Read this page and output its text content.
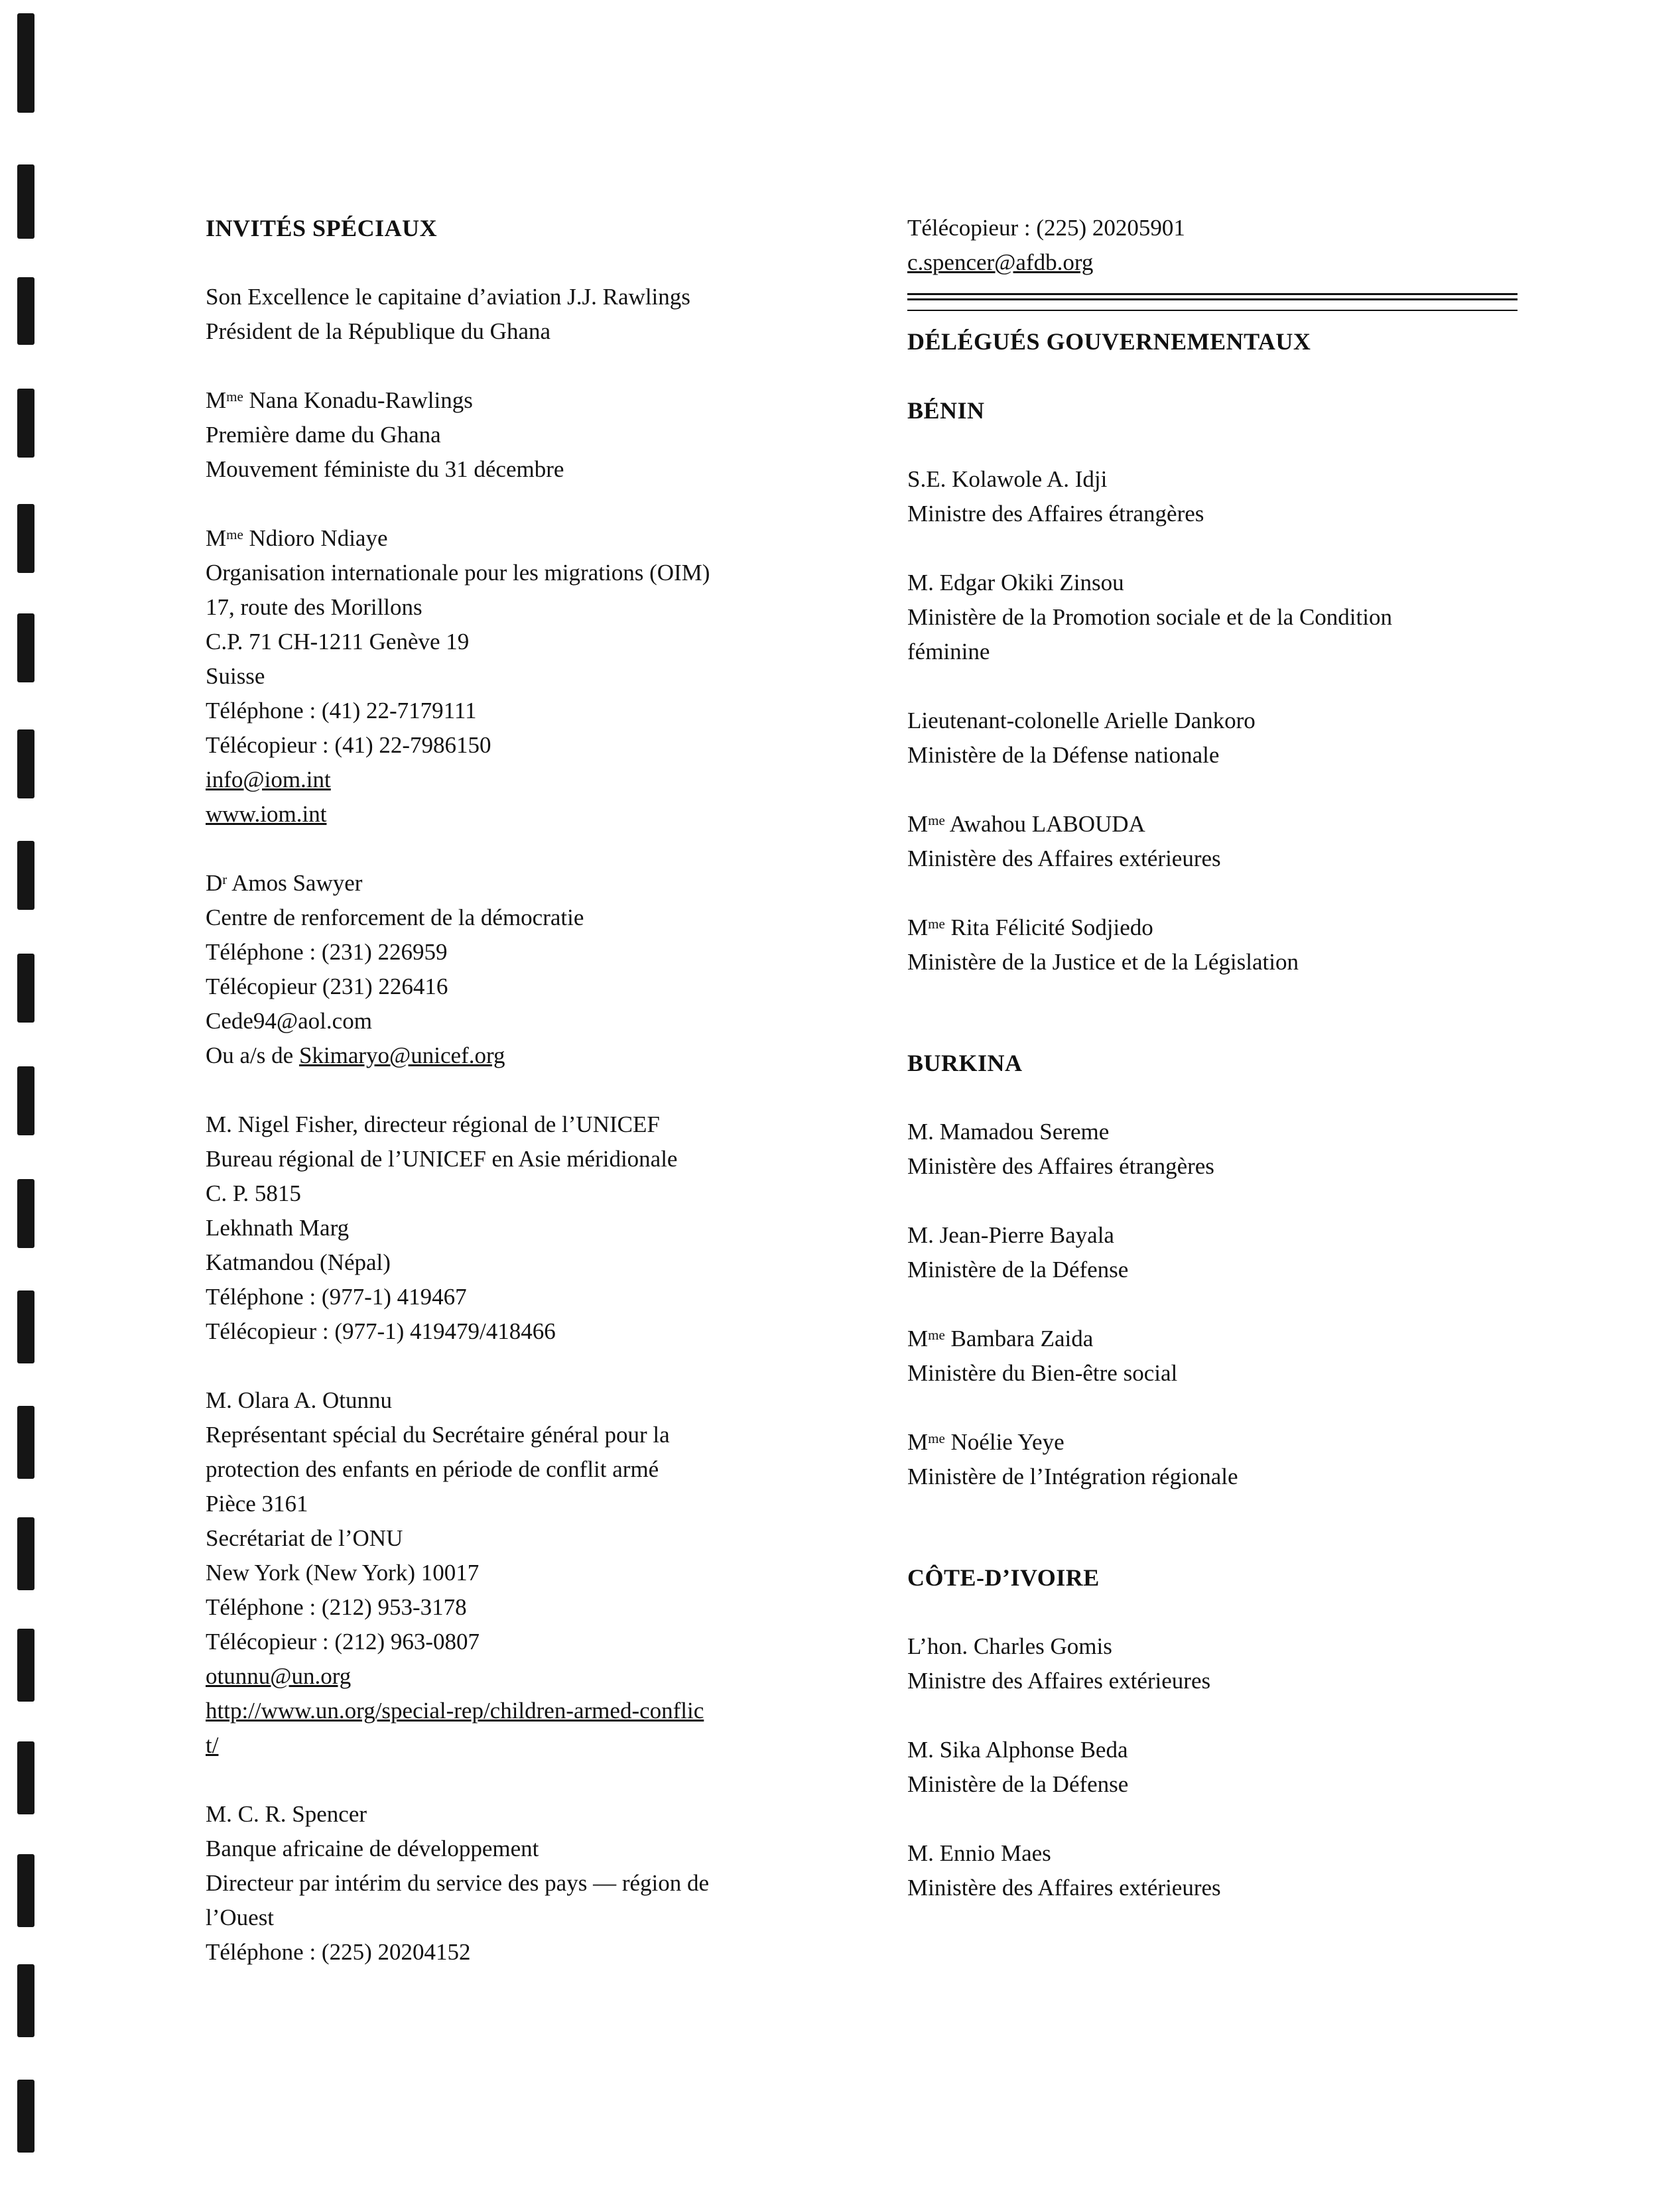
INVITÉS SPÉCIAUX
Son Excellence le capitaine d’aviation J.J. Rawlings
Président de la République du Ghana
$M^{me}$ Nana Konadu-Rawlings
Première dame du Ghana
Mouvement féministe du 31 décembre
$M^{me}$ Ndioro Ndiaye
Organisation internationale pour les migrations (OIM)
17, route des Morillons
C.P. 71 CH-1211 Genève 19
Suisse
Téléphone : (41) 22-7179111
Télécopieur : (41) 22-7986150
info@iom.int
www.iom.int
$D^r$ Amos Sawyer
Centre de renforcement de la démocratie
Téléphone : (231) 226959
Télécopieur (231) 226416
Cede94@aol.com
Ou a/s de Skimaryo@unicef.org
M. Nigel Fisher, directeur régional de l’UNICEF
Bureau régional de l’UNICEF en Asie méridionale
C. P. 5815
Lekhnath Marg
Katmandou (Népal)
Téléphone : (977-1) 419467
Télécopieur : (977-1) 419479/418466
M. Olara A. Otunnu
Représentant spécial du Secrétaire général pour la
protection des enfants en période de conflit armé
Pièce 3161
Secrétariat de l’ONU
New York (New York) 10017
Téléphone : (212) 953-3178
Télécopieur : (212) 963-0807
otunnu@un.org
http://www.un.org/special-rep/children-armed-conflic
t/
M. C. R. Spencer
Banque africaine de développement
Directeur par intérim du service des pays — région de
l’Ouest
Téléphone : (225) 20204152
Télécopieur : (225) 20205901
c.spencer@afdb.org
DÉLÉGUÉS GOUVERNEMENTAUX
BÉNIN
S.E. Kolawole A. Idji
Ministre des Affaires étrangères
M. Edgar Okiki Zinsou
Ministère de la Promotion sociale et de la Condition
féminine
Lieutenant-colonelle Arielle Dankoro
Ministère de la Défense nationale
$M^{me}$ Awahou LABOUDA
Ministère des Affaires extérieures
$M^{me}$ Rita Félicité Sodjiedo
Ministère de la Justice et de la Législation
BURKINA
M. Mamadou Sereme
Ministère des Affaires étrangères
M. Jean-Pierre Bayala
Ministère de la Défense
$M^{me}$ Bambara Zaida
Ministère du Bien-être social
$M^{me}$ Noélie Yeye
Ministère de l’Intégration régionale
CÔTE-D’IVOIRE
L’hon. Charles Gomis
Ministre des Affaires extérieures
M. Sika Alphonse Beda
Ministère de la Défense
M. Ennio Maes
Ministère des Affaires extérieures
